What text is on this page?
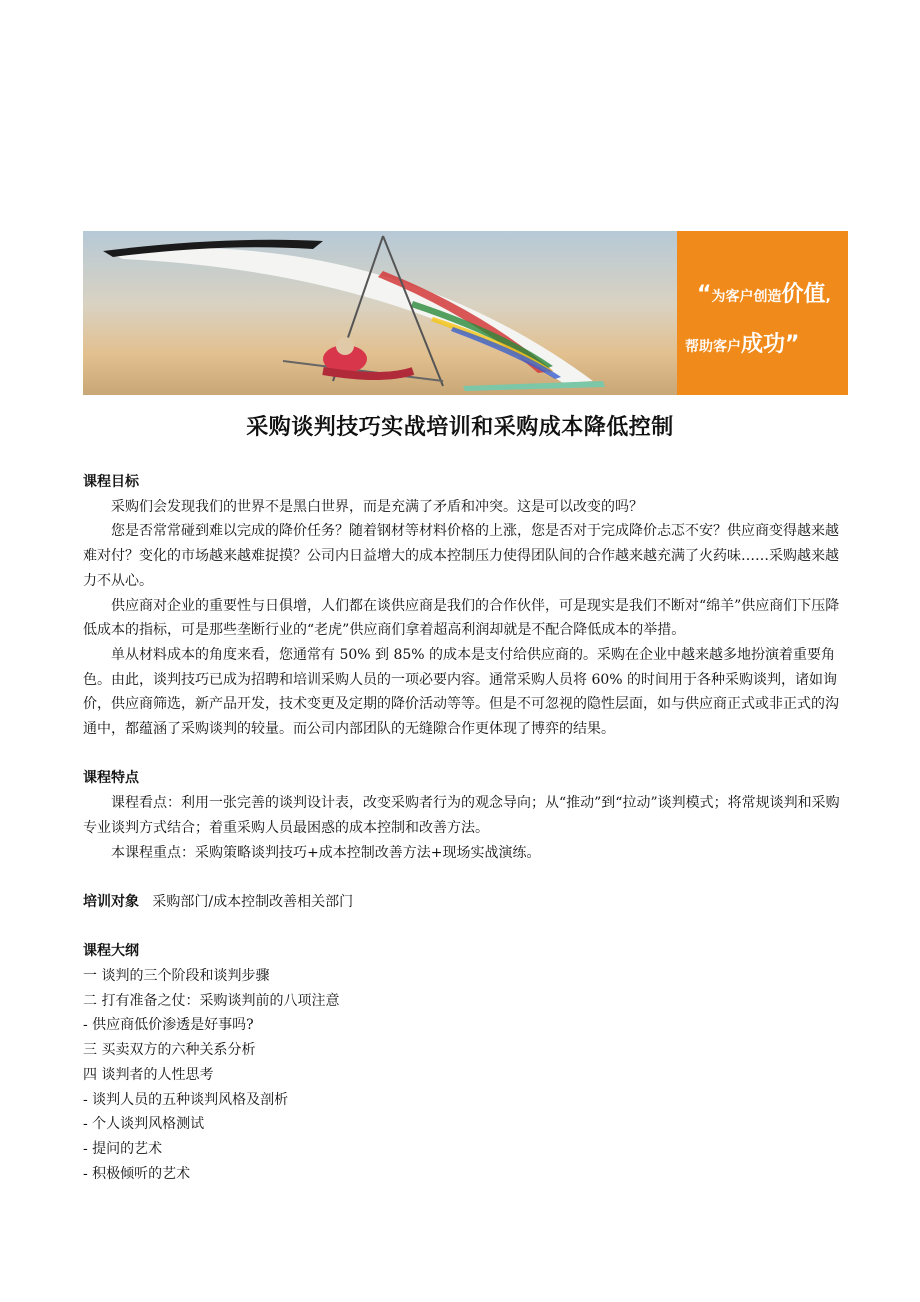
“为客户创造价值,
帮助客户成功”
采购谈判技巧实战培训和采购成本降低控制

课程目标

采购们会发现我们的世界不是黑白世界，而是充满了矛盾和冲突。这是可以改变的吗？

您是否常常碰到难以完成的降价任务？随着钢材等材料价格的上涨，您是否对于完成降价忐忑不安？供应商变得越来越难对付？变化的市场越来越难捉摸？公司内日益增大的成本控制压力使得团队间的合作越来越充满了火药味……采购越来越力不从心。

供应商对企业的重要性与日俱增，人们都在谈供应商是我们的合作伙伴，可是现实是我们不断对“绵羊”供应商们下压降低成本的指标，可是那些垄断行业的“老虎”供应商们拿着超高利润却就是不配合降低成本的举措。

单从材料成本的角度来看，您通常有 50% 到 85% 的成本是支付给供应商的。采购在企业中越来越多地扮演着重要角色。由此，谈判技巧已成为招聘和培训采购人员的一项必要内容。通常采购人员将 60% 的时间用于各种采购谈判，诸如询价，供应商筛选，新产品开发，技术变更及定期的降价活动等等。但是不可忽视的隐性层面，如与供应商正式或非正式的沟通中，都蕴涵了采购谈判的较量。而公司内部团队的无缝隙合作更体现了博弈的结果。

课程特点

课程看点：利用一张完善的谈判设计表，改变采购者行为的观念导向；从“推动”到“拉动”谈判模式；将常规谈判和采购专业谈判方式结合；着重采购人员最困惑的成本控制和改善方法。

本课程重点：采购策略谈判技巧+成本控制改善方法+现场实战演练。

培训对象 采购部门/成本控制改善相关部门

课程大纲

一 谈判的三个阶段和谈判步骤

二 打有准备之仗：采购谈判前的八项注意

- 供应商低价渗透是好事吗?

三 买卖双方的六种关系分析

四 谈判者的人性思考

- 谈判人员的五种谈判风格及剖析

- 个人谈判风格测试

- 提问的艺术

- 积极倾听的艺术
